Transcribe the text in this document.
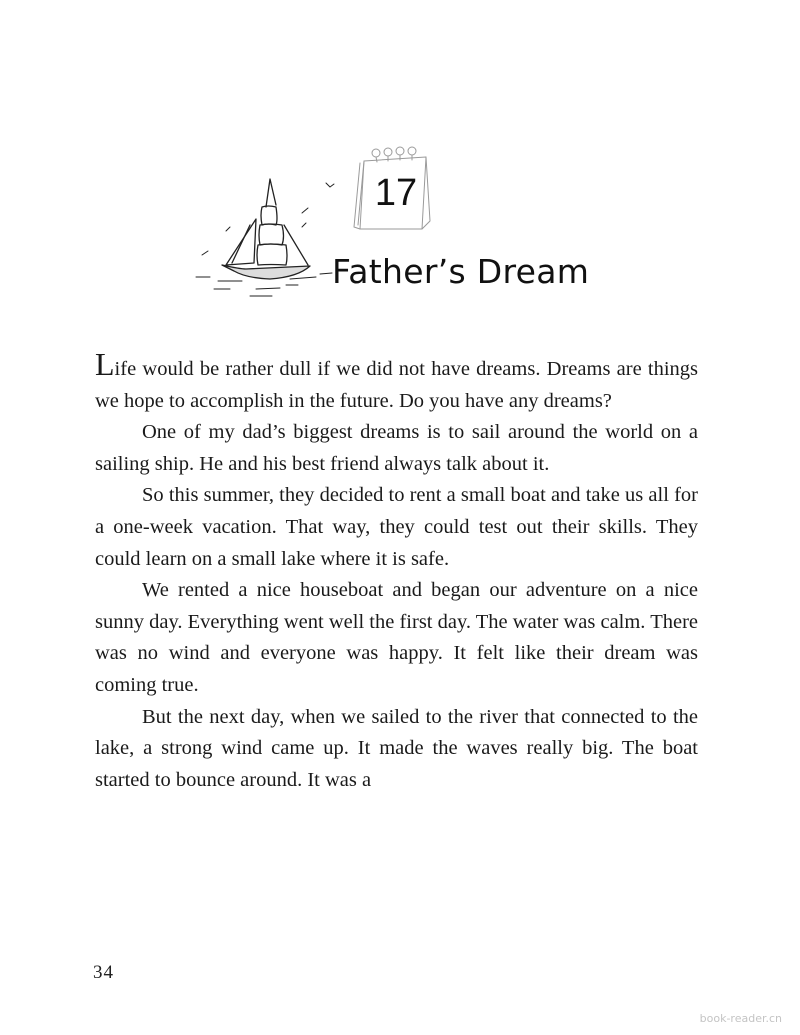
17
Father’s Dream

Life would be rather dull if we did not have dreams. Dreams are things we hope to accomplish in the future. Do you have any dreams?

One of my dad’s biggest dreams is to sail around the world on a sailing ship. He and his best friend always talk about it.

So this summer, they decided to rent a small boat and take us all for a one-week vacation. That way, they could test out their skills. They could learn on a small lake where it is safe.

We rented a nice houseboat and began our adventure on a nice sunny day. Everything went well the first day. The water was calm. There was no wind and everyone was happy. It felt like their dream was coming true.

But the next day, when we sailed to the river that connected to the lake, a strong wind came up. It made the waves really big. The boat started to bounce around. It was a

34
book-reader.cn
